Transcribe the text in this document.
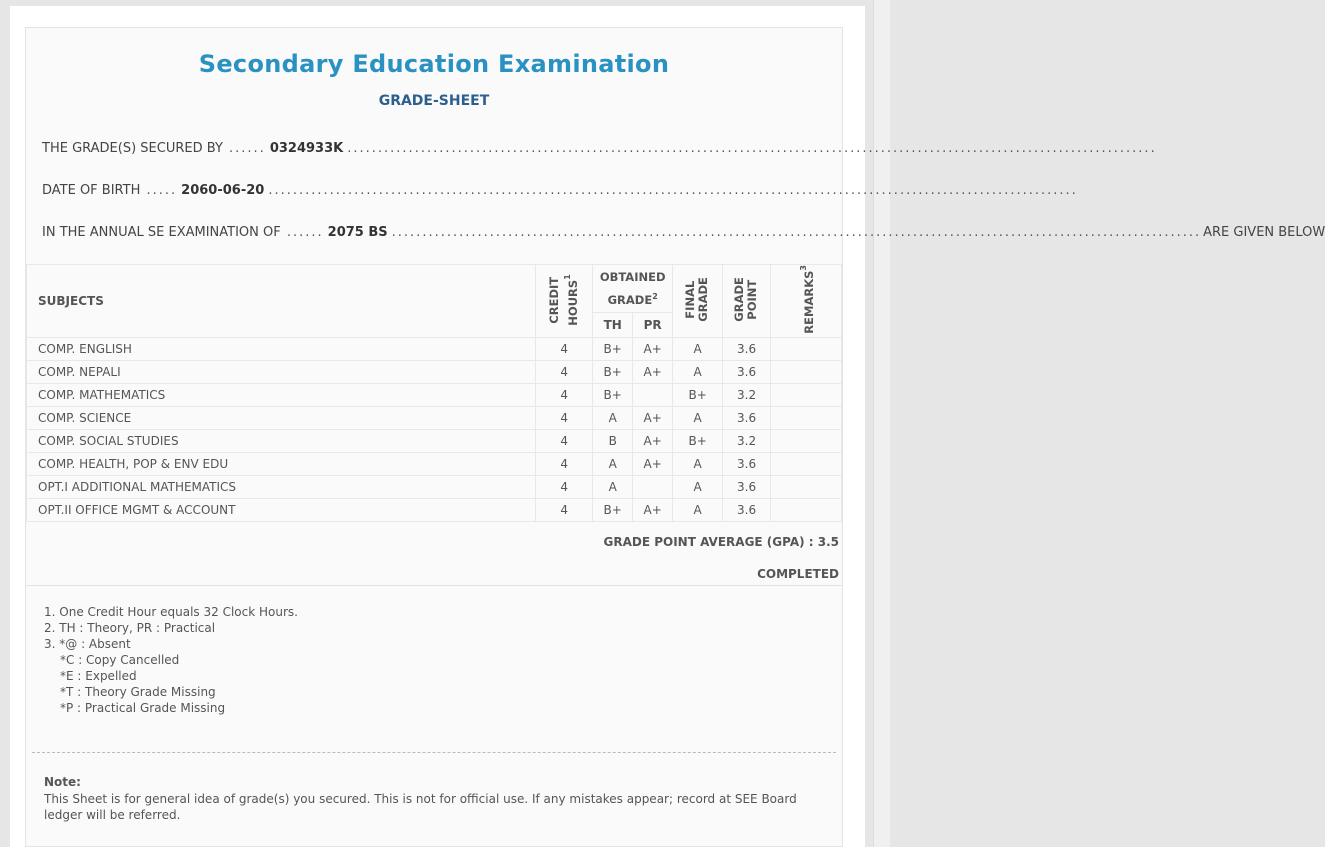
Secondary Education Examination
GRADE-SHEET
THE GRADE(S) SECURED BY ...... 0324933K ....................................................................................................................................
DATE OF BIRTH ..... 2060-06-20 ....................................................................................................................................
IN THE ANNUAL SE EXAMINATION OF ...... 2075 BS .................................................................................................................................... ARE GIVEN BELOW
SUBJECTS	CREDIT HOURS$^1$	OBTAINED GRADE$^2$		FINAL GRADE	GRADE POINT	REMARKS$^3$
		TH	PR			
COMP. ENGLISH	4	B+	A+	A	3.6	
COMP. NEPALI	4	B+	A+	A	3.6	
COMP. MATHEMATICS	4	B+		B+	3.2	
COMP. SCIENCE	4	A	A+	A	3.6	
COMP. SOCIAL STUDIES	4	B	A+	B+	3.2	
COMP. HEALTH, POP & ENV EDU	4	A	A+	A	3.6	
OPT.I ADDITIONAL MATHEMATICS	4	A		A	3.6	
OPT.II OFFICE MGMT & ACCOUNT	4	B+	A+	A	3.6	
GRADE POINT AVERAGE (GPA) : 3.5
COMPLETED
1. One Credit Hour equals 32 Clock Hours.
2. TH : Theory, PR : Practical
3. *@ : Absent
*C : Copy Cancelled
*E : Expelled
*T : Theory Grade Missing
*P : Practical Grade Missing
Note:
This Sheet is for general idea of grade(s) you secured. This is not for official use. If any mistakes appear; record at SEE Board ledger will be referred.
